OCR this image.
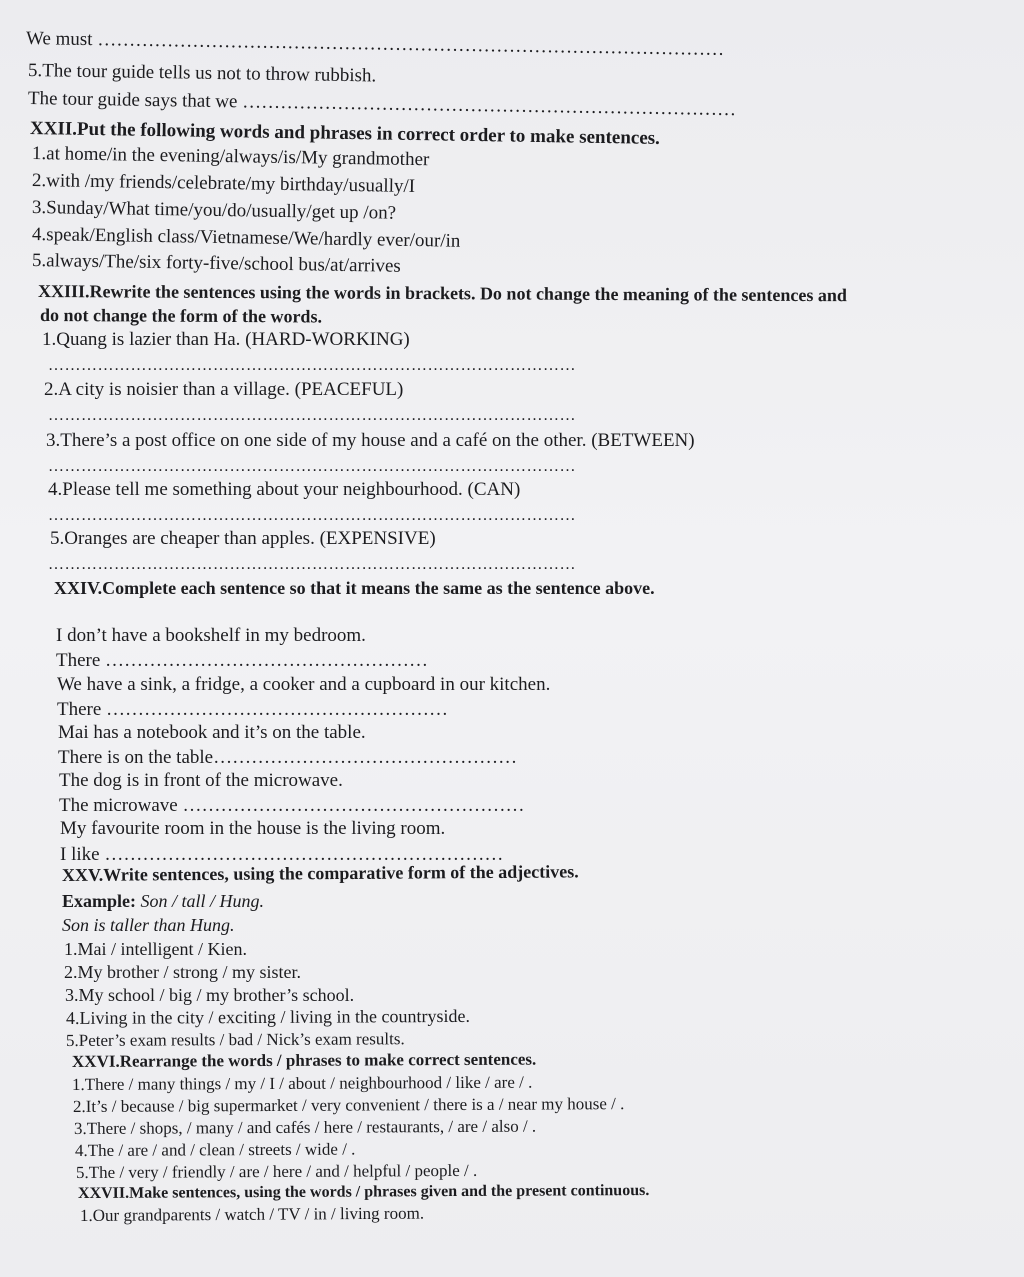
We must ………………………………………………………………………………………
5.The tour guide tells us not to throw rubbish.
The tour guide says that we ……………………………………………………………………
XXII.Put the following words and phrases in correct order to make sentences.
1.at home/in the evening/always/is/My grandmother
2.with /my friends/celebrate/my birthday/usually/I
3.Sunday/What time/you/do/usually/get up /on?
4.speak/English class/Vietnamese/We/hardly ever/our/in
5.always/The/six forty-five/school bus/at/arrives
XXIII.Rewrite the sentences using the words in brackets. Do not change the meaning of the sentences and
do not change the form of the words.
1.Quang is lazier than Ha. (HARD-WORKING)
……………………………………………………………………………………
2.A city is noisier than a village. (PEACEFUL)
……………………………………………………………………………………
3.There’s a post office on one side of my house and a café on the other. (BETWEEN)
……………………………………………………………………………………
4.Please tell me something about your neighbourhood. (CAN)
……………………………………………………………………………………
5.Oranges are cheaper than apples. (EXPENSIVE)
……………………………………………………………………………………
XXIV.Complete each sentence so that it means the same as the sentence above.
I don’t have a bookshelf in my bedroom.
There ……………………………………………
We have a sink, a fridge, a cooker and a cupboard in our kitchen.
There ………………………………………………
Mai has a notebook and it’s on the table.
There is on the table…………………………………………
The dog is in front of the microwave.
The microwave ………………………………………………
My favourite room in the house is the living room.
I like ………………………………………………………
XXV.Write sentences, using the comparative form of the adjectives.
Example: Son / tall / Hung.
Son is taller than Hung.
1.Mai / intelligent / Kien.
2.My brother / strong / my sister.
3.My school / big / my brother’s school.
4.Living in the city / exciting / living in the countryside.
5.Peter’s exam results / bad / Nick’s exam results.
XXVI.Rearrange the words / phrases to make correct sentences.
1.There / many things / my / I / about / neighbourhood / like / are / .
2.It’s / because / big supermarket / very convenient / there is a / near my house / .
3.There / shops, / many / and cafés / here / restaurants, / are / also / .
4.The / are / and / clean / streets / wide / .
5.The / very / friendly / are / here / and / helpful / people / .
XXVII.Make sentences, using the words / phrases given and the present continuous.
1.Our grandparents / watch / TV / in / living room.
